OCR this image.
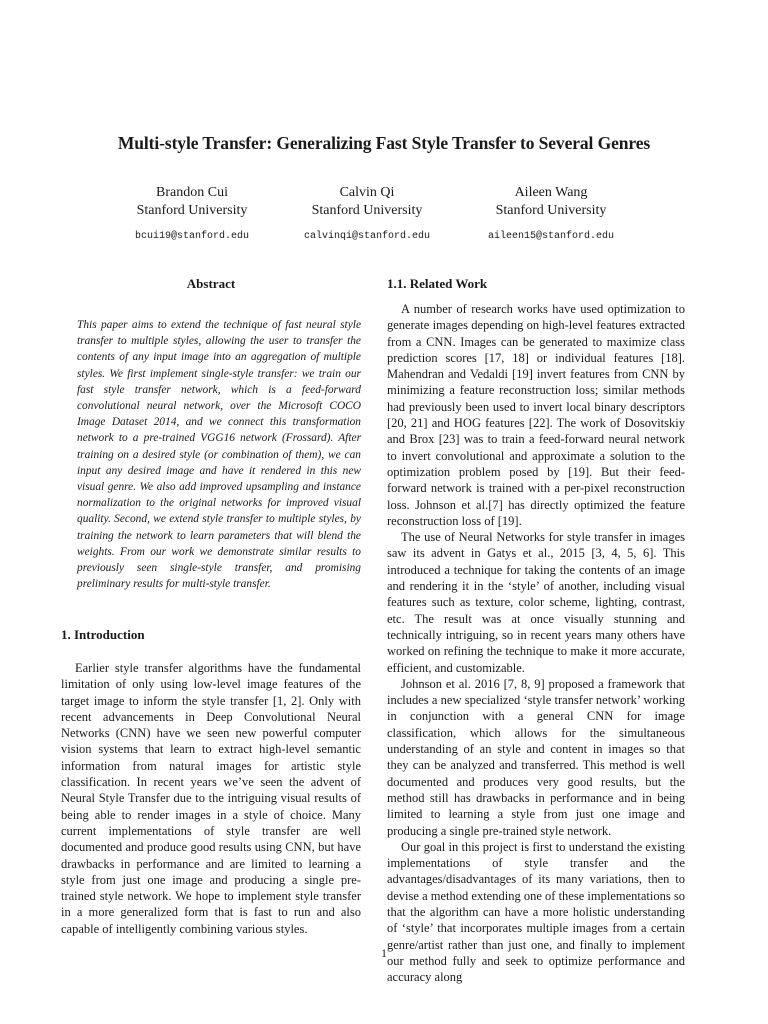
Multi-style Transfer: Generalizing Fast Style Transfer to Several Genres
Brandon Cui
Stanford University
bcui19@stanford.edu
Calvin Qi
Stanford University
calvinqi@stanford.edu
Aileen Wang
Stanford University
aileen15@stanford.edu
Abstract
This paper aims to extend the technique of fast neural style transfer to multiple styles, allowing the user to transfer the contents of any input image into an aggregation of multiple styles. We first implement single-style transfer: we train our fast style transfer network, which is a feed-forward convolutional neural network, over the Microsoft COCO Image Dataset 2014, and we connect this transformation network to a pre-trained VGG16 network (Frossard). After training on a desired style (or combination of them), we can input any desired image and have it rendered in this new visual genre. We also add improved upsampling and instance normalization to the original networks for improved visual quality. Second, we extend style transfer to multiple styles, by training the network to learn parameters that will blend the weights. From our work we demonstrate similar results to previously seen single-style transfer, and promising preliminary results for multi-style transfer.
1. Introduction

Earlier style transfer algorithms have the fundamental limitation of only using low-level image features of the target image to inform the style transfer [1, 2]. Only with recent advancements in Deep Convolutional Neural Networks (CNN) have we seen new powerful computer vision systems that learn to extract high-level semantic information from natural images for artistic style classification. In recent years we’ve seen the advent of Neural Style Transfer due to the intriguing visual results of being able to render images in a style of choice. Many current implementations of style transfer are well documented and produce good results using CNN, but have drawbacks in performance and are limited to learning a style from just one image and producing a single pre-trained style network. We hope to implement style transfer in a more generalized form that is fast to run and also capable of intelligently combining various styles.

1.1. Related Work

A number of research works have used optimization to generate images depending on high-level features extracted from a CNN. Images can be generated to maximize class prediction scores [17, 18] or individual features [18]. Mahendran and Vedaldi [19] invert features from CNN by minimizing a feature reconstruction loss; similar methods had previously been used to invert local binary descriptors [20, 21] and HOG features [22]. The work of Dosovitskiy and Brox [23] was to train a feed-forward neural network to invert convolutional and approximate a solution to the optimization problem posed by [19]. But their feed-forward network is trained with a per-pixel reconstruction loss. Johnson et al.[7] has directly optimized the feature reconstruction loss of [19].

The use of Neural Networks for style transfer in images saw its advent in Gatys et al., 2015 [3, 4, 5, 6]. This introduced a technique for taking the contents of an image and rendering it in the ‘style’ of another, including visual features such as texture, color scheme, lighting, contrast, etc. The result was at once visually stunning and technically intriguing, so in recent years many others have worked on refining the technique to make it more accurate, efficient, and customizable.

Johnson et al. 2016 [7, 8, 9] proposed a framework that includes a new specialized ‘style transfer network’ working in conjunction with a general CNN for image classification, which allows for the simultaneous understanding of an style and content in images so that they can be analyzed and transferred. This method is well documented and produces very good results, but the method still has drawbacks in performance and in being limited to learning a style from just one image and producing a single pre-trained style network.

Our goal in this project is first to understand the existing implementations of style transfer and the advantages/disadvantages of its many variations, then to devise a method extending one of these implementations so that the algorithm can have a more holistic understanding of ‘style’ that incorporates multiple images from a certain genre/artist rather than just one, and finally to implement our method fully and seek to optimize performance and accuracy along

1
